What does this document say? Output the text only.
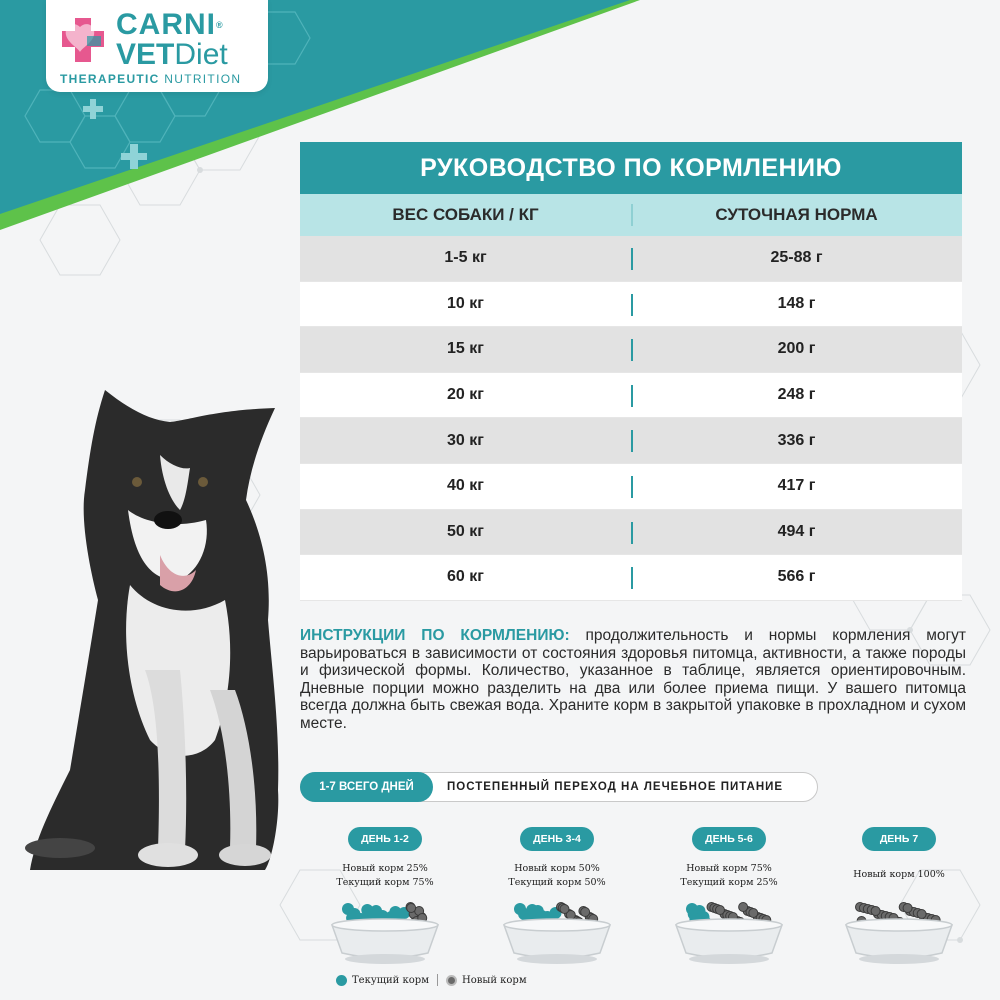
CARNI®
VETDiet
THERAPEUTIC NUTRITION
РУКОВОДСТВО ПО КОРМЛЕНИЮ
ВЕС СОБАКИ / КГ	СУТОЧНАЯ НОРМА
1-5 кг	25-88 г
10 кг	148 г
15 кг	200 г
20 кг	248 г
30 кг	336 г
40 кг	417 г
50 кг	494 г
60 кг	566 г
ИНСТРУКЦИИ ПО КОРМЛЕНИЮ: продолжительность и нормы кормления могут варьироваться в зависимости от состояния здоровья питомца, активности, а также породы и физической формы. Количество, указанное в таблице, является ориентировочным. Дневные порции можно разделить на два или более приема пищи. У вашего питомца всегда должна быть свежая вода. Храните корм в закрытой упаковке в прохладном и сухом месте.
1-7 ВСЕГО ДНЕЙ	ПОСТЕПЕННЫЙ ПЕРЕХОД НА ЛЕЧЕБНОЕ ПИТАНИЕ
ДЕНЬ 1-2
Новый корм 25%
Текущий корм 75%
ДЕНЬ 3-4
Новый корм 50%
Текущий корм 50%
ДЕНЬ 5-6
Новый корм 75%
Текущий корм 25%
ДЕНЬ 7
Новый корм 100%
Текущий корм	Новый корм
